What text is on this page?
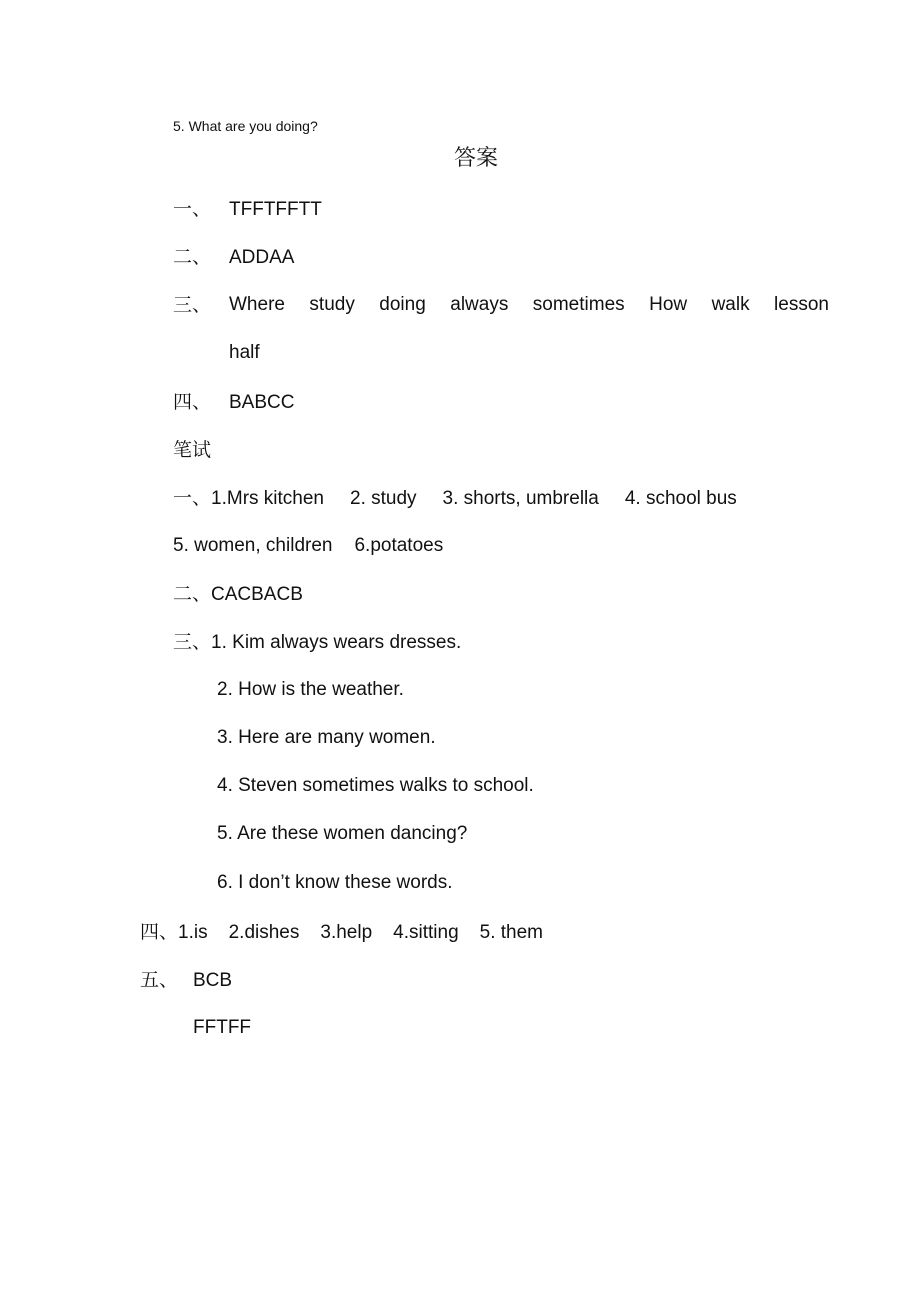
5. What are you doing?
答案
一、 TFFTFFTT
二、 ADDAA
三、 Where study doing always sometimes How walk lesson
half
四、 BABCC
笔试
一、1.Mrs kitchen 2. study 3. shorts, umbrella 4. school bus
5. women, children 6.potatoes
二、CACBACB
三、1. Kim always wears dresses.
2. How is the weather.
3. Here are many women.
4. Steven sometimes walks to school.
5. Are these women dancing?
6. I don’t know these words.
四、1.is 2.dishes 3.help 4.sitting 5. them
五、 BCB
FFTFF
